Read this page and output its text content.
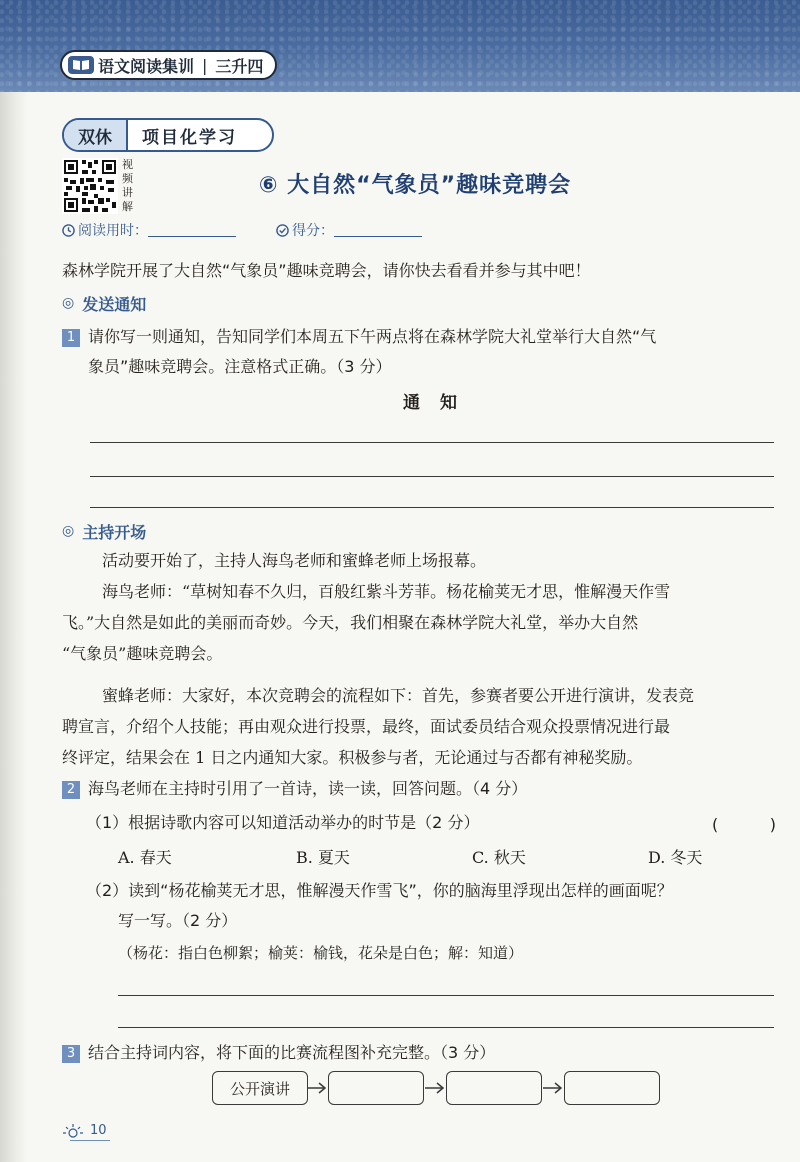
语文阅读集训 | 三升四
双休	项目化学习
视频讲解
⑥ 大自然“气象员”趣味竞聘会
阅读用时：	得分：
森林学院开展了大自然“气象员”趣味竞聘会，请你快去看看并参与其中吧！
◎ 发送通知
1 请你写一则通知，告知同学们本周五下午两点将在森林学院大礼堂举行大自然“气
象员”趣味竞聘会。注意格式正确。（3 分）
通知
◎ 主持开场
活动要开始了，主持人海鸟老师和蜜蜂老师上场报幕。
海鸟老师：“草树知春不久归，百般红紫斗芳菲。杨花榆荚无才思，惟解漫天作雪
飞。”大自然是如此的美丽而奇妙。今天，我们相聚在森林学院大礼堂，举办大自然
“气象员”趣味竞聘会。
蜜蜂老师：大家好，本次竞聘会的流程如下：首先，参赛者要公开进行演讲，发表竞
聘宣言，介绍个人技能；再由观众进行投票，最终，面试委员结合观众投票情况进行最
终评定，结果会在 1 日之内通知大家。积极参与者，无论通过与否都有神秘奖励。
2 海鸟老师在主持时引用了一首诗，读一读，回答问题。（4 分）
（1）根据诗歌内容可以知道活动举办的时节是（2 分）	(	)
A. 春天	B. 夏天	C. 秋天	D. 冬天
（2）读到“杨花榆荚无才思，惟解漫天作雪飞”，你的脑海里浮现出怎样的画面呢？
写一写。（2 分）
（杨花：指白色柳絮；榆荚：榆钱，花朵是白色；解：知道）
3 结合主持词内容，将下面的比赛流程图补充完整。（3 分）
公开演讲
10
